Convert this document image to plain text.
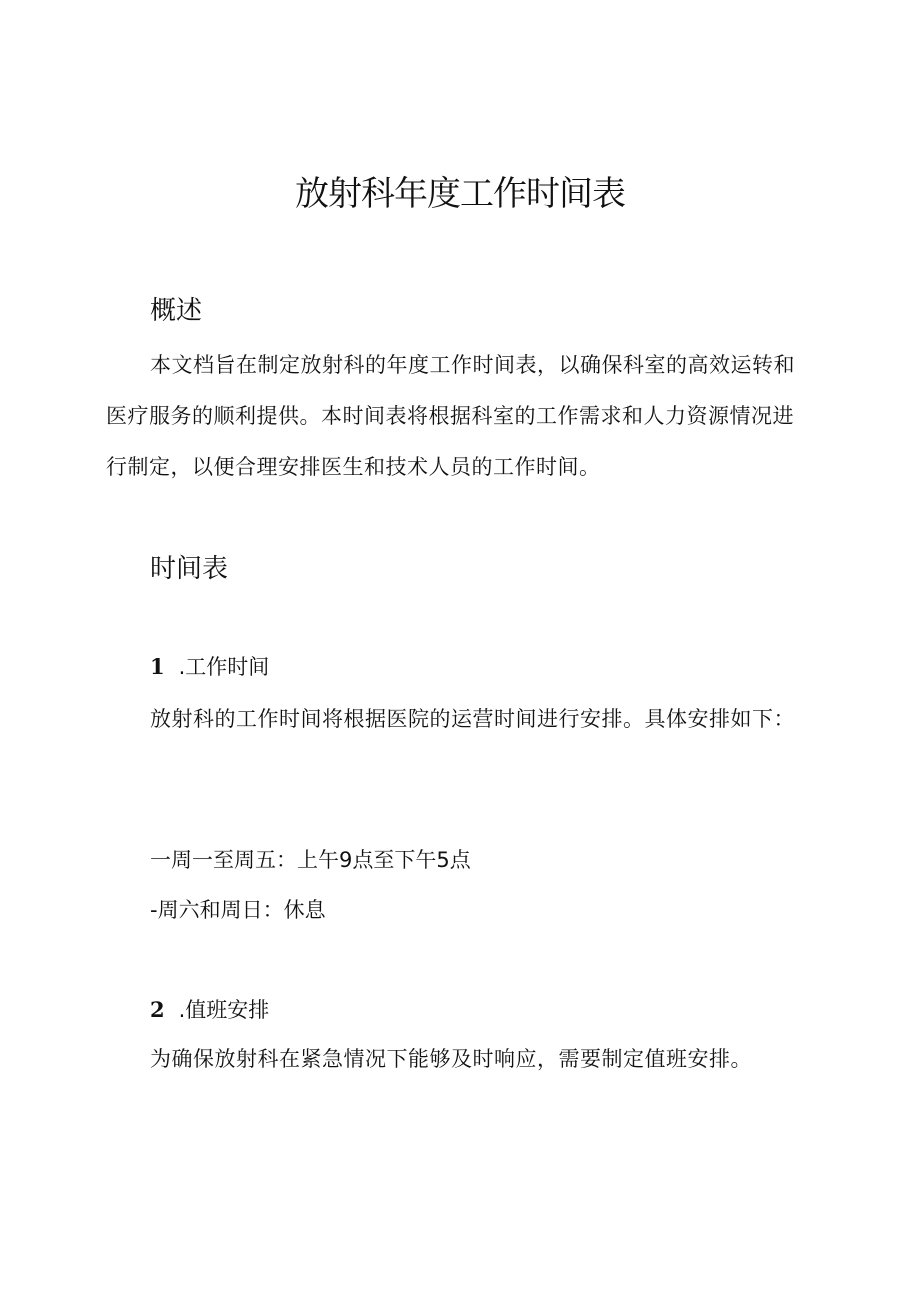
放射科年度工作时间表
概述

本文档旨在制定放射科的年度工作时间表，以确保科室的高效运转和医疗服务的顺利提供。本时间表将根据科室的工作需求和人力资源情况进行制定，以便合理安排医生和技术人员的工作时间。

时间表
1 .工作时间

放射科的工作时间将根据医院的运营时间进行安排。具体安排如下：

一周一至周五：上午9点至下午5点

-周六和周日：休息

2 .值班安排

为确保放射科在紧急情况下能够及时响应，需要制定值班安排。
